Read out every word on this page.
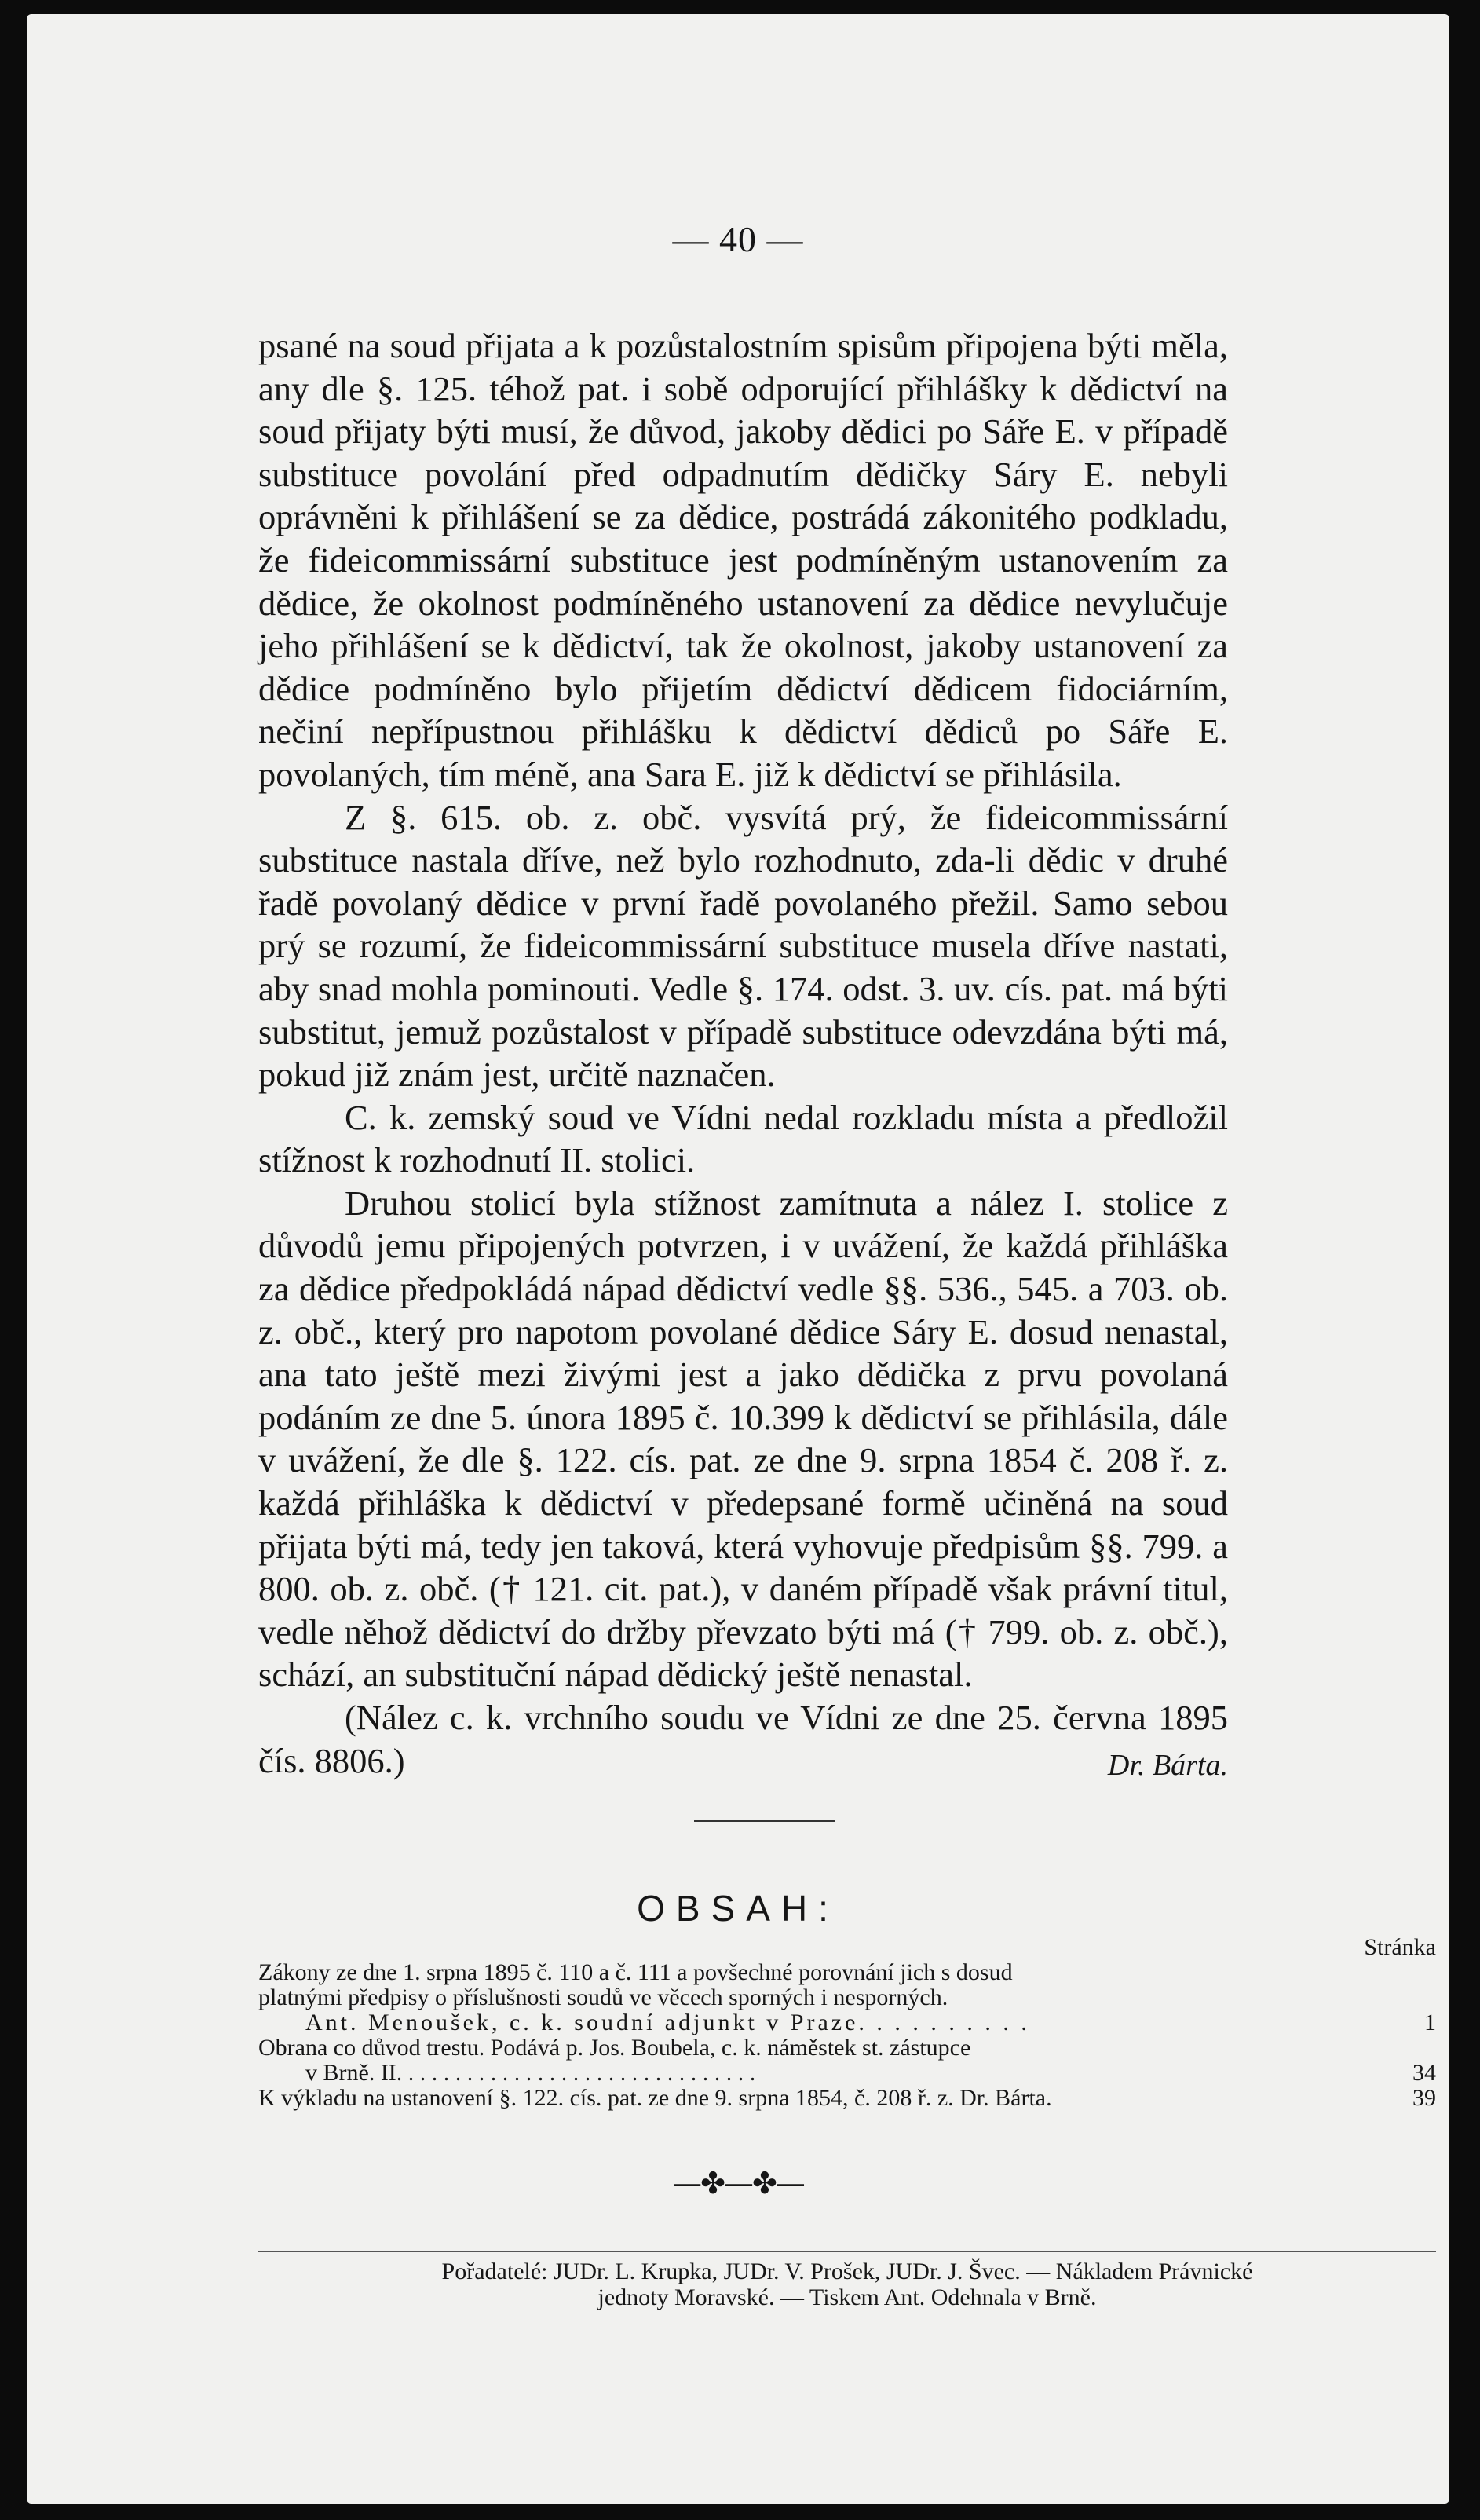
— 40 —

psané na soud přijata a k pozůstalostním spisům připojena býti měla, any dle §. 125. téhož pat. i sobě odporující přihlášky k dědictví na soud přijaty býti musí, že důvod, jakoby dědici po Sáře E. v případě substituce povolání před odpadnutím dědičky Sáry E. nebyli oprávněni k přihlášení se za dědice, postrádá zákonitého podkladu, že fideicommissární substituce jest podmíněným ustanovením za dědice, že okolnost podmíněného ustanovení za dědice nevylučuje jeho přihlášení se k dědictví, tak že okolnost, jakoby ustanovení za dědice podmíněno bylo přijetím dědictví dědicem fidociárním, nečiní nepřípustnou přihlášku k dědictví dědiců po Sáře E. povolaných, tím méně, ana Sara E. již k dědictví se přihlásila.

Z §. 615. ob. z. obč. vysvítá prý, že fideicommissární substituce nastala dříve, než bylo rozhodnuto, zda-li dědic v druhé řadě povolaný dědice v první řadě povolaného přežil. Samo sebou prý se rozumí, že fideicommissární substituce musela dříve nastati, aby snad mohla pominouti. Vedle §. 174. odst. 3. uv. cís. pat. má býti substitut, jemuž pozůstalost v případě substituce odevzdána býti má, pokud již znám jest, určitě naznačen.

C. k. zemský soud ve Vídni nedal rozkladu místa a předložil stížnost k rozhodnutí II. stolici.

Druhou stolicí byla stížnost zamítnuta a nález I. stolice z důvodů jemu připojených potvrzen, i v uvážení, že každá přihláška za dědice předpokládá nápad dědictví vedle §§. 536., 545. a 703. ob. z. obč., který pro napotom povolané dědice Sáry E. dosud nenastal, ana tato ještě mezi živými jest a jako dědička z prvu povolaná podáním ze dne 5. února 1895 č. 10.399 k dědictví se přihlásila, dále v uvážení, že dle §. 122. cís. pat. ze dne 9. srpna 1854 č. 208 ř. z. každá přihláška k dědictví v předepsané formě učiněná na soud přijata býti má, tedy jen taková, která vyhovuje předpisům §§. 799. a 800. ob. z. obč. († 121. cit. pat.), v daném případě však právní titul, vedle něhož dědictví do držby převzato býti má († 799. ob. z. obč.), schází, an substituční nápad dědický ještě nenastal.

(Nález c. k. vrchního soudu ve Vídni ze dne 25. června 1895 čís. 8806.)	Dr. Bárta.

OBSAH:
Stránka
Zákony ze dne 1. srpna 1895 č. 110 a č. 111 a povšechné porovnání jich s dosud
platnými předpisy o příslušnosti soudů ve věcech sporných i nesporných.
Ant. Menoušek, c. k. soudní adjunkt v Praze. . . . . . . . . .	1
Obrana co důvod trestu. Podává p. Jos. Boubela, c. k. náměstek st. zástupce
v Brně. II. . . . . . . . . . . . . . . . . . . . . . . . . . . . . . .	34
K výkladu na ustanovení §. 122. cís. pat. ze dne 9. srpna 1854, č. 208 ř. z. Dr. Bárta.	39
—✤—✤—
Pořadatelé: JUDr. L. Krupka, JUDr. V. Prošek, JUDr. J. Švec. — Nákladem Právnické
jednoty Moravské. — Tiskem Ant. Odehnala v Brně.
